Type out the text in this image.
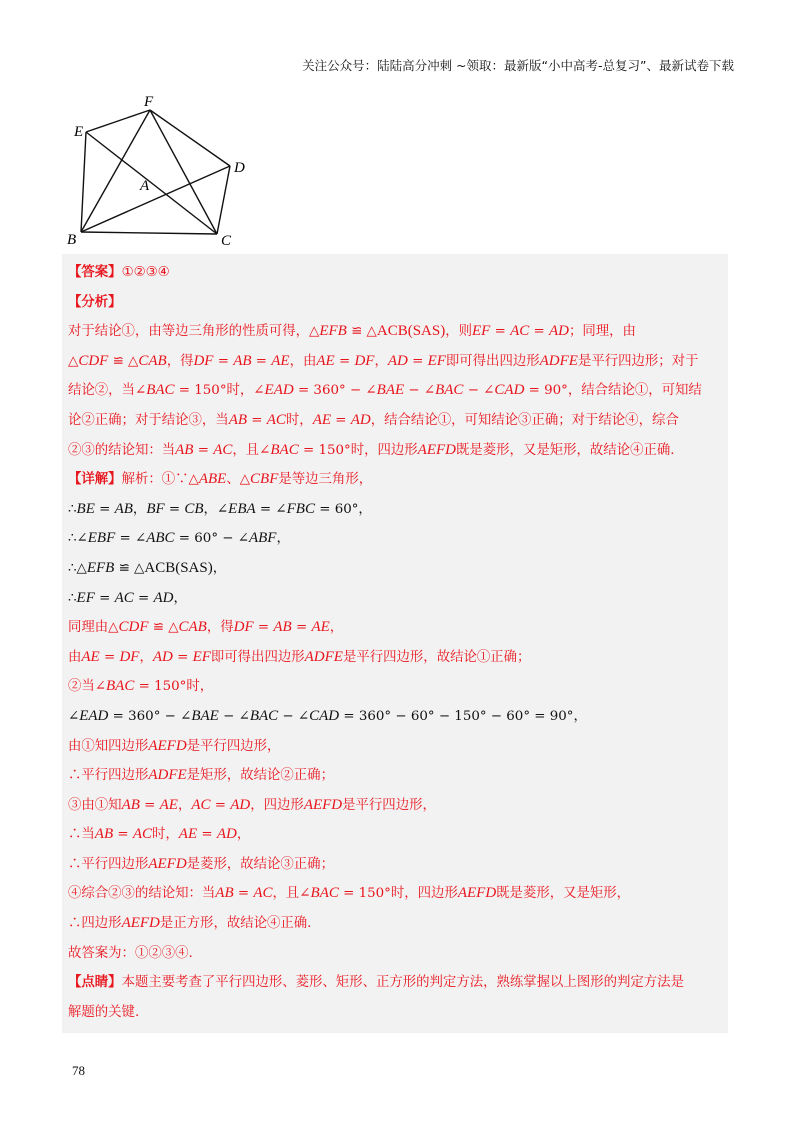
关注公众号：陆陆高分冲刺 ~领取：最新版“小中高考-总复习”、最新试卷下载
F
E
D
A
B	C
【答案】①②③④
【分析】
对于结论①，由等边三角形的性质可得，△EFB ≌ △ACB(SAS)，则EF = AC = AD；同理，由
△CDF ≌ △CAB，得DF = AB = AE，由AE = DF，AD = EF即可得出四边形ADFE是平行四边形；对于
结论②，当∠BAC = 150°时，∠EAD = 360° − ∠BAE − ∠BAC − ∠CAD = 90°，结合结论①，可知结
论②正确；对于结论③，当AB = AC时，AE = AD，结合结论①，可知结论③正确；对于结论④，综合
②③的结论知：当AB = AC，且∠BAC = 150°时，四边形AEFD既是菱形，又是矩形，故结论④正确.
【详解】解析：①∵△ABE、△CBF是等边三角形，
∴BE = AB，BF = CB，∠EBA = ∠FBC = 60°，
∴∠EBF = ∠ABC = 60° − ∠ABF，
∴△EFB ≌ △ACB(SAS)，
∴EF = AC = AD，
同理由△CDF ≌ △CAB，得DF = AB = AE，
由AE = DF，AD = EF即可得出四边形ADFE是平行四边形，故结论①正确；
②当∠BAC = 150°时，
∠EAD = 360° − ∠BAE − ∠BAC − ∠CAD = 360° − 60° − 150° − 60° = 90°，
由①知四边形AEFD是平行四边形，
∴平行四边形ADFE是矩形，故结论②正确；
③由①知AB = AE，AC = AD，四边形AEFD是平行四边形，
∴当AB = AC时，AE = AD，
∴平行四边形AEFD是菱形，故结论③正确；
④综合②③的结论知：当AB = AC，且∠BAC = 150°时，四边形AEFD既是菱形，又是矩形，
∴四边形AEFD是正方形，故结论④正确.
故答案为：①②③④.
【点睛】本题主要考查了平行四边形、菱形、矩形、正方形的判定方法，熟练掌握以上图形的判定方法是
解题的关键.
78
